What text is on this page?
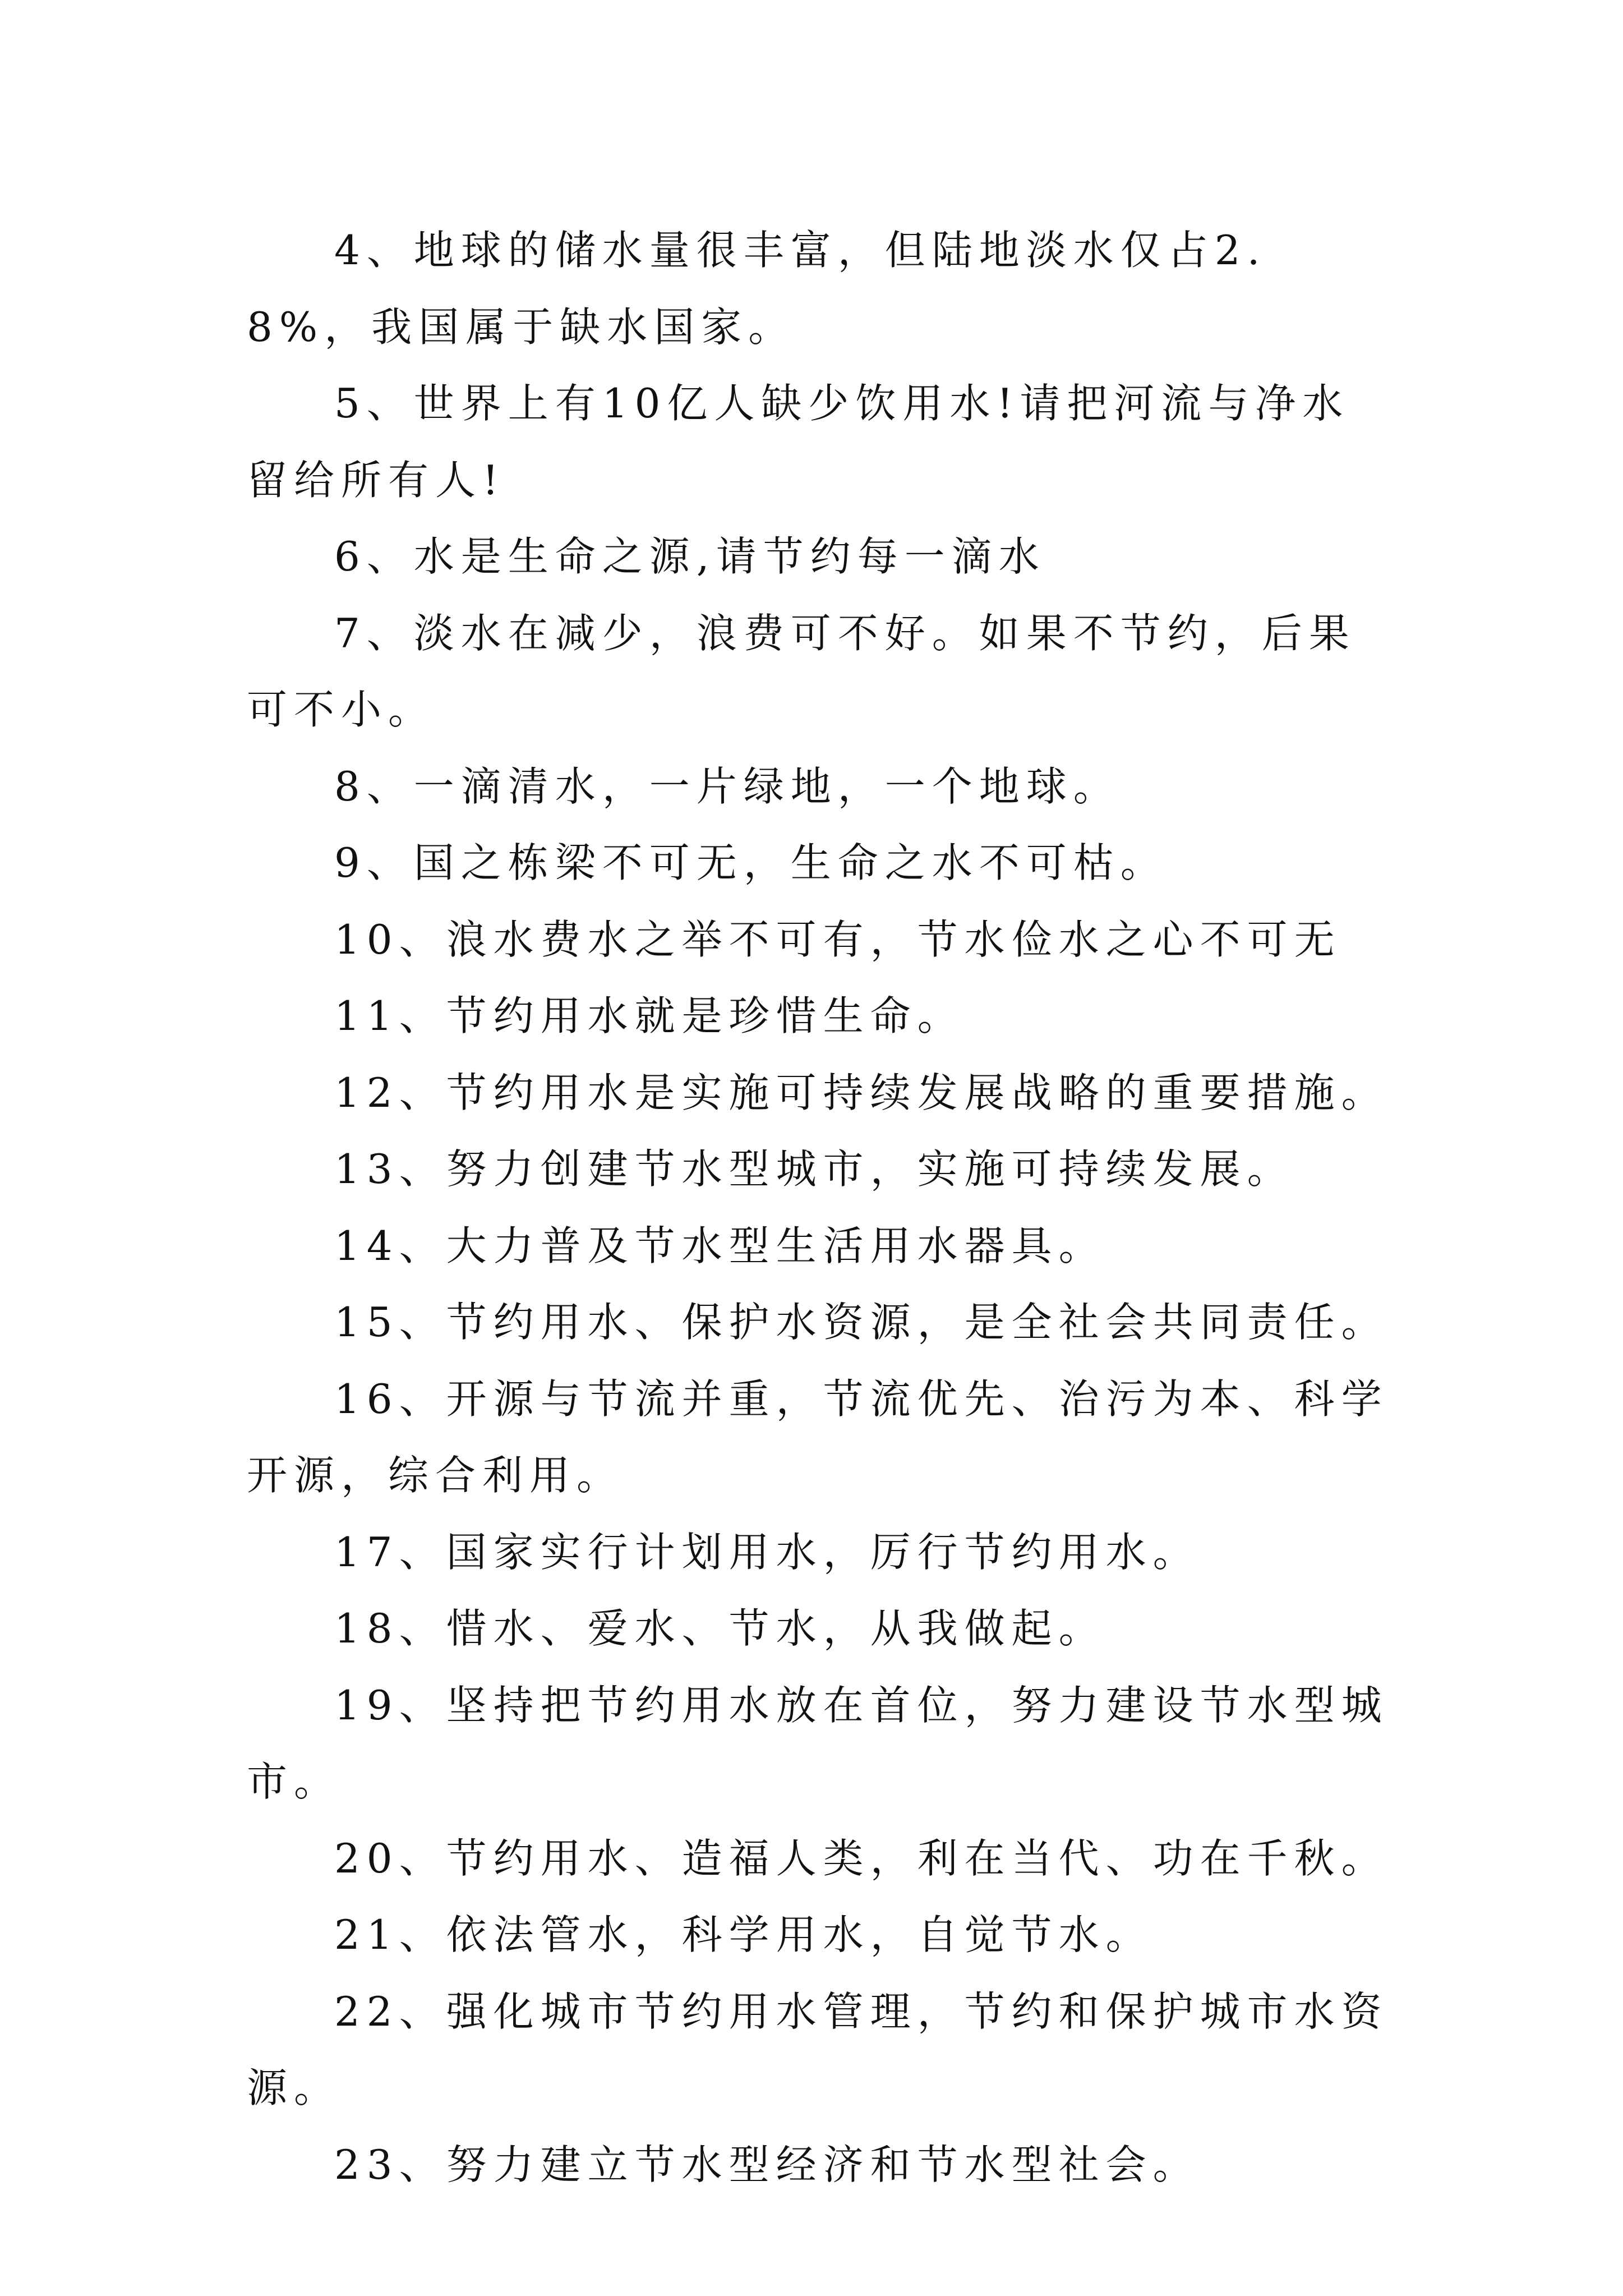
4、地球的储水量很丰富，但陆地淡水仅占2.8%，我国属于缺水国家。

5、世界上有10亿人缺少饮用水!请把河流与净水留给所有人!

6、水是生命之源,请节约每一滴水

7、淡水在减少，浪费可不好。如果不节约，后果可不小。

8、一滴清水，一片绿地，一个地球。

9、国之栋梁不可无，生命之水不可枯。

10、浪水费水之举不可有，节水俭水之心不可无

11、节约用水就是珍惜生命。

12、节约用水是实施可持续发展战略的重要措施。

13、努力创建节水型城市，实施可持续发展。

14、大力普及节水型生活用水器具。

15、节约用水、保护水资源，是全社会共同责任。

16、开源与节流并重，节流优先、治污为本、科学开源，综合利用。

17、国家实行计划用水，厉行节约用水。

18、惜水、爱水、节水，从我做起。

19、坚持把节约用水放在首位，努力建设节水型城市。

20、节约用水、造福人类，利在当代、功在千秋。

21、依法管水，科学用水，自觉节水。

22、强化城市节约用水管理，节约和保护城市水资源。

23、努力建立节水型经济和节水型社会。
